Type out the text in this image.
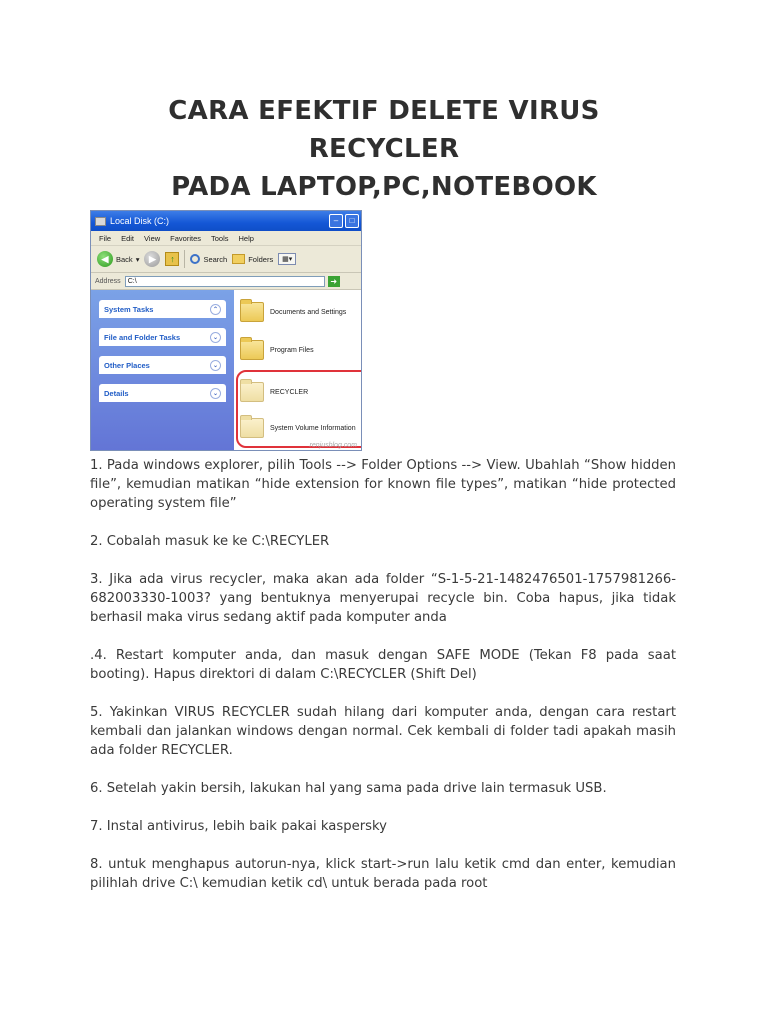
CARA EFEKTIF DELETE VIRUS
RECYCLER
PADA LAPTOP,PC,NOTEBOOK
Local Disk (C:)	–	□
File Edit View Favorites Tools Help
◀	Back ▾	▶	↑	Search	Folders	▦▾
Address C:\	➜
System Tasks	⌃
File and Folder Tasks	⌄
Other Places	⌄
Details	⌄
Documents and Settings
Program Files
RECYCLER
System Volume Information
renjusblog.com

1. Pada windows explorer, pilih Tools --> Folder Options --> View. Ubahlah “Show hidden file”, kemudian matikan “hide extension for known file types”, matikan “hide protected operating system file”

2. Cobalah masuk ke ke C:\RECYLER

3. Jika ada virus recycler, maka akan ada folder “S-1-5-21-1482476501-1757981266-682003330-1003? yang bentuknya menyerupai recycle bin. Coba hapus, jika tidak berhasil maka virus sedang aktif pada komputer anda

.4. Restart komputer anda, dan masuk dengan SAFE MODE (Tekan F8 pada saat booting). Hapus direktori di dalam C:\RECYCLER (Shift Del)

5. Yakinkan VIRUS RECYCLER sudah hilang dari komputer anda, dengan cara restart kembali dan jalankan windows dengan normal. Cek kembali di folder tadi apakah masih ada folder RECYCLER.

6. Setelah yakin bersih, lakukan hal yang sama pada drive lain termasuk USB.

7. Instal antivirus, lebih baik pakai kaspersky

8. untuk menghapus autorun-nya, klick start->run lalu ketik cmd dan enter, kemudian pilihlah drive C:\ kemudian ketik cd\ untuk berada pada root
